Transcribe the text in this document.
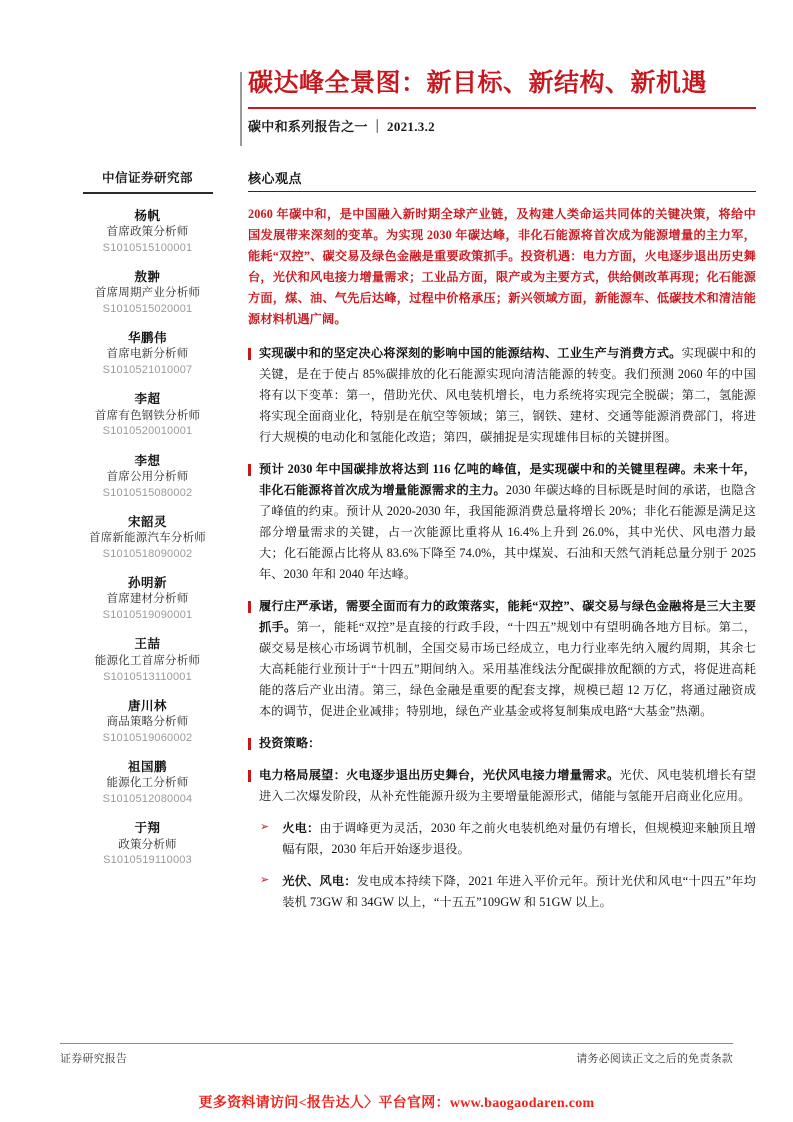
碳达峰全景图：新目标、新结构、新机遇
碳中和系列报告之一 ｜ 2021.3.2
中信证券研究部
杨帆
首席政策分析师
S1010515100001
敖翀
首席周期产业分析师
S1010515020001
华鹏伟
首席电新分析师
S1010521010007
李超
首席有色钢铁分析师
S1010520010001
李想
首席公用分析师
S1010515080002
宋韶灵
首席新能源汽车分析师
S1010518090002
孙明新
首席建材分析师
S1010519090001
王喆
能源化工首席分析师
S1010513110001
唐川林
商品策略分析师
S1010519060002
祖国鹏
能源化工分析师
S1010512080004
于翔
政策分析师
S1010519110003
核心观点

2060 年碳中和，是中国融入新时期全球产业链，及构建人类命运共同体的关键决策，将给中国发展带来深刻的变革。为实现 2030 年碳达峰，非化石能源将首次成为能源增量的主力军，能耗“双控”、碳交易及绿色金融是重要政策抓手。投资机遇：电力方面，火电逐步退出历史舞台，光伏和风电接力增量需求；工业品方面，限产或为主要方式，供给侧改革再现；化石能源方面，煤、油、气先后达峰，过程中价格承压；新兴领域方面，新能源车、低碳技术和清洁能源材料机遇广阔。

实现碳中和的坚定决心将深刻的影响中国的能源结构、工业生产与消费方式。实现碳中和的关键，是在于使占 85%碳排放的化石能源实现向清洁能源的转变。我们预测 2060 年的中国将有以下变革：第一，借助光伏、风电装机增长，电力系统将实现完全脱碳；第二，氢能源将实现全面商业化，特别是在航空等领域；第三，钢铁、建材、交通等能源消费部门，将进行大规模的电动化和氢能化改造；第四，碳捕捉是实现雄伟目标的关键拼图。
预计 2030 年中国碳排放将达到 116 亿吨的峰值，是实现碳中和的关键里程碑。未来十年，非化石能源将首次成为增量能源需求的主力。2030 年碳达峰的目标既是时间的承诺，也隐含了峰值的约束。预计从 2020-2030 年，我国能源消费总量将增长 20%；非化石能源是满足这部分增量需求的关键，占一次能源比重将从 16.4%上升到 26.0%，其中光伏、风电潜力最大；化石能源占比将从 83.6%下降至 74.0%，其中煤炭、石油和天然气消耗总量分别于 2025 年、2030 年和 2040 年达峰。
履行庄严承诺，需要全面而有力的政策落实，能耗“双控”、碳交易与绿色金融将是三大主要抓手。第一，能耗“双控”是直接的行政手段，“十四五”规划中有望明确各地方目标。第二，碳交易是核心市场调节机制，全国交易市场已经成立，电力行业率先纳入履约周期，其余七大高耗能行业预计于“十四五”期间纳入。采用基准线法分配碳排放配额的方式，将促进高耗能的落后产业出清。第三，绿色金融是重要的配套支撑，规模已超 12 万亿，将通过融资成本的调节，促进企业减排；特别地，绿色产业基金或将复制集成电路“大基金”热潮。
投资策略：
电力格局展望：火电逐步退出历史舞台，光伏风电接力增量需求。光伏、风电装机增长有望进入二次爆发阶段，从补充性能源升级为主要增量能源形式，储能与氢能开启商业化应用。
➢ 火电：由于调峰更为灵活，2030 年之前火电装机绝对量仍有增长，但规模迎来触顶且增幅有限，2030 年后开始逐步退役。
➢ 光伏、风电：发电成本持续下降，2021 年进入平价元年。预计光伏和风电“十四五”年均装机 73GW 和 34GW 以上，“十五五”109GW 和 51GW 以上。
证券研究报告	请务必阅读正文之后的免责条款
更多资料请访问<报告达人〉平台官网：www.baogaodaren.com
